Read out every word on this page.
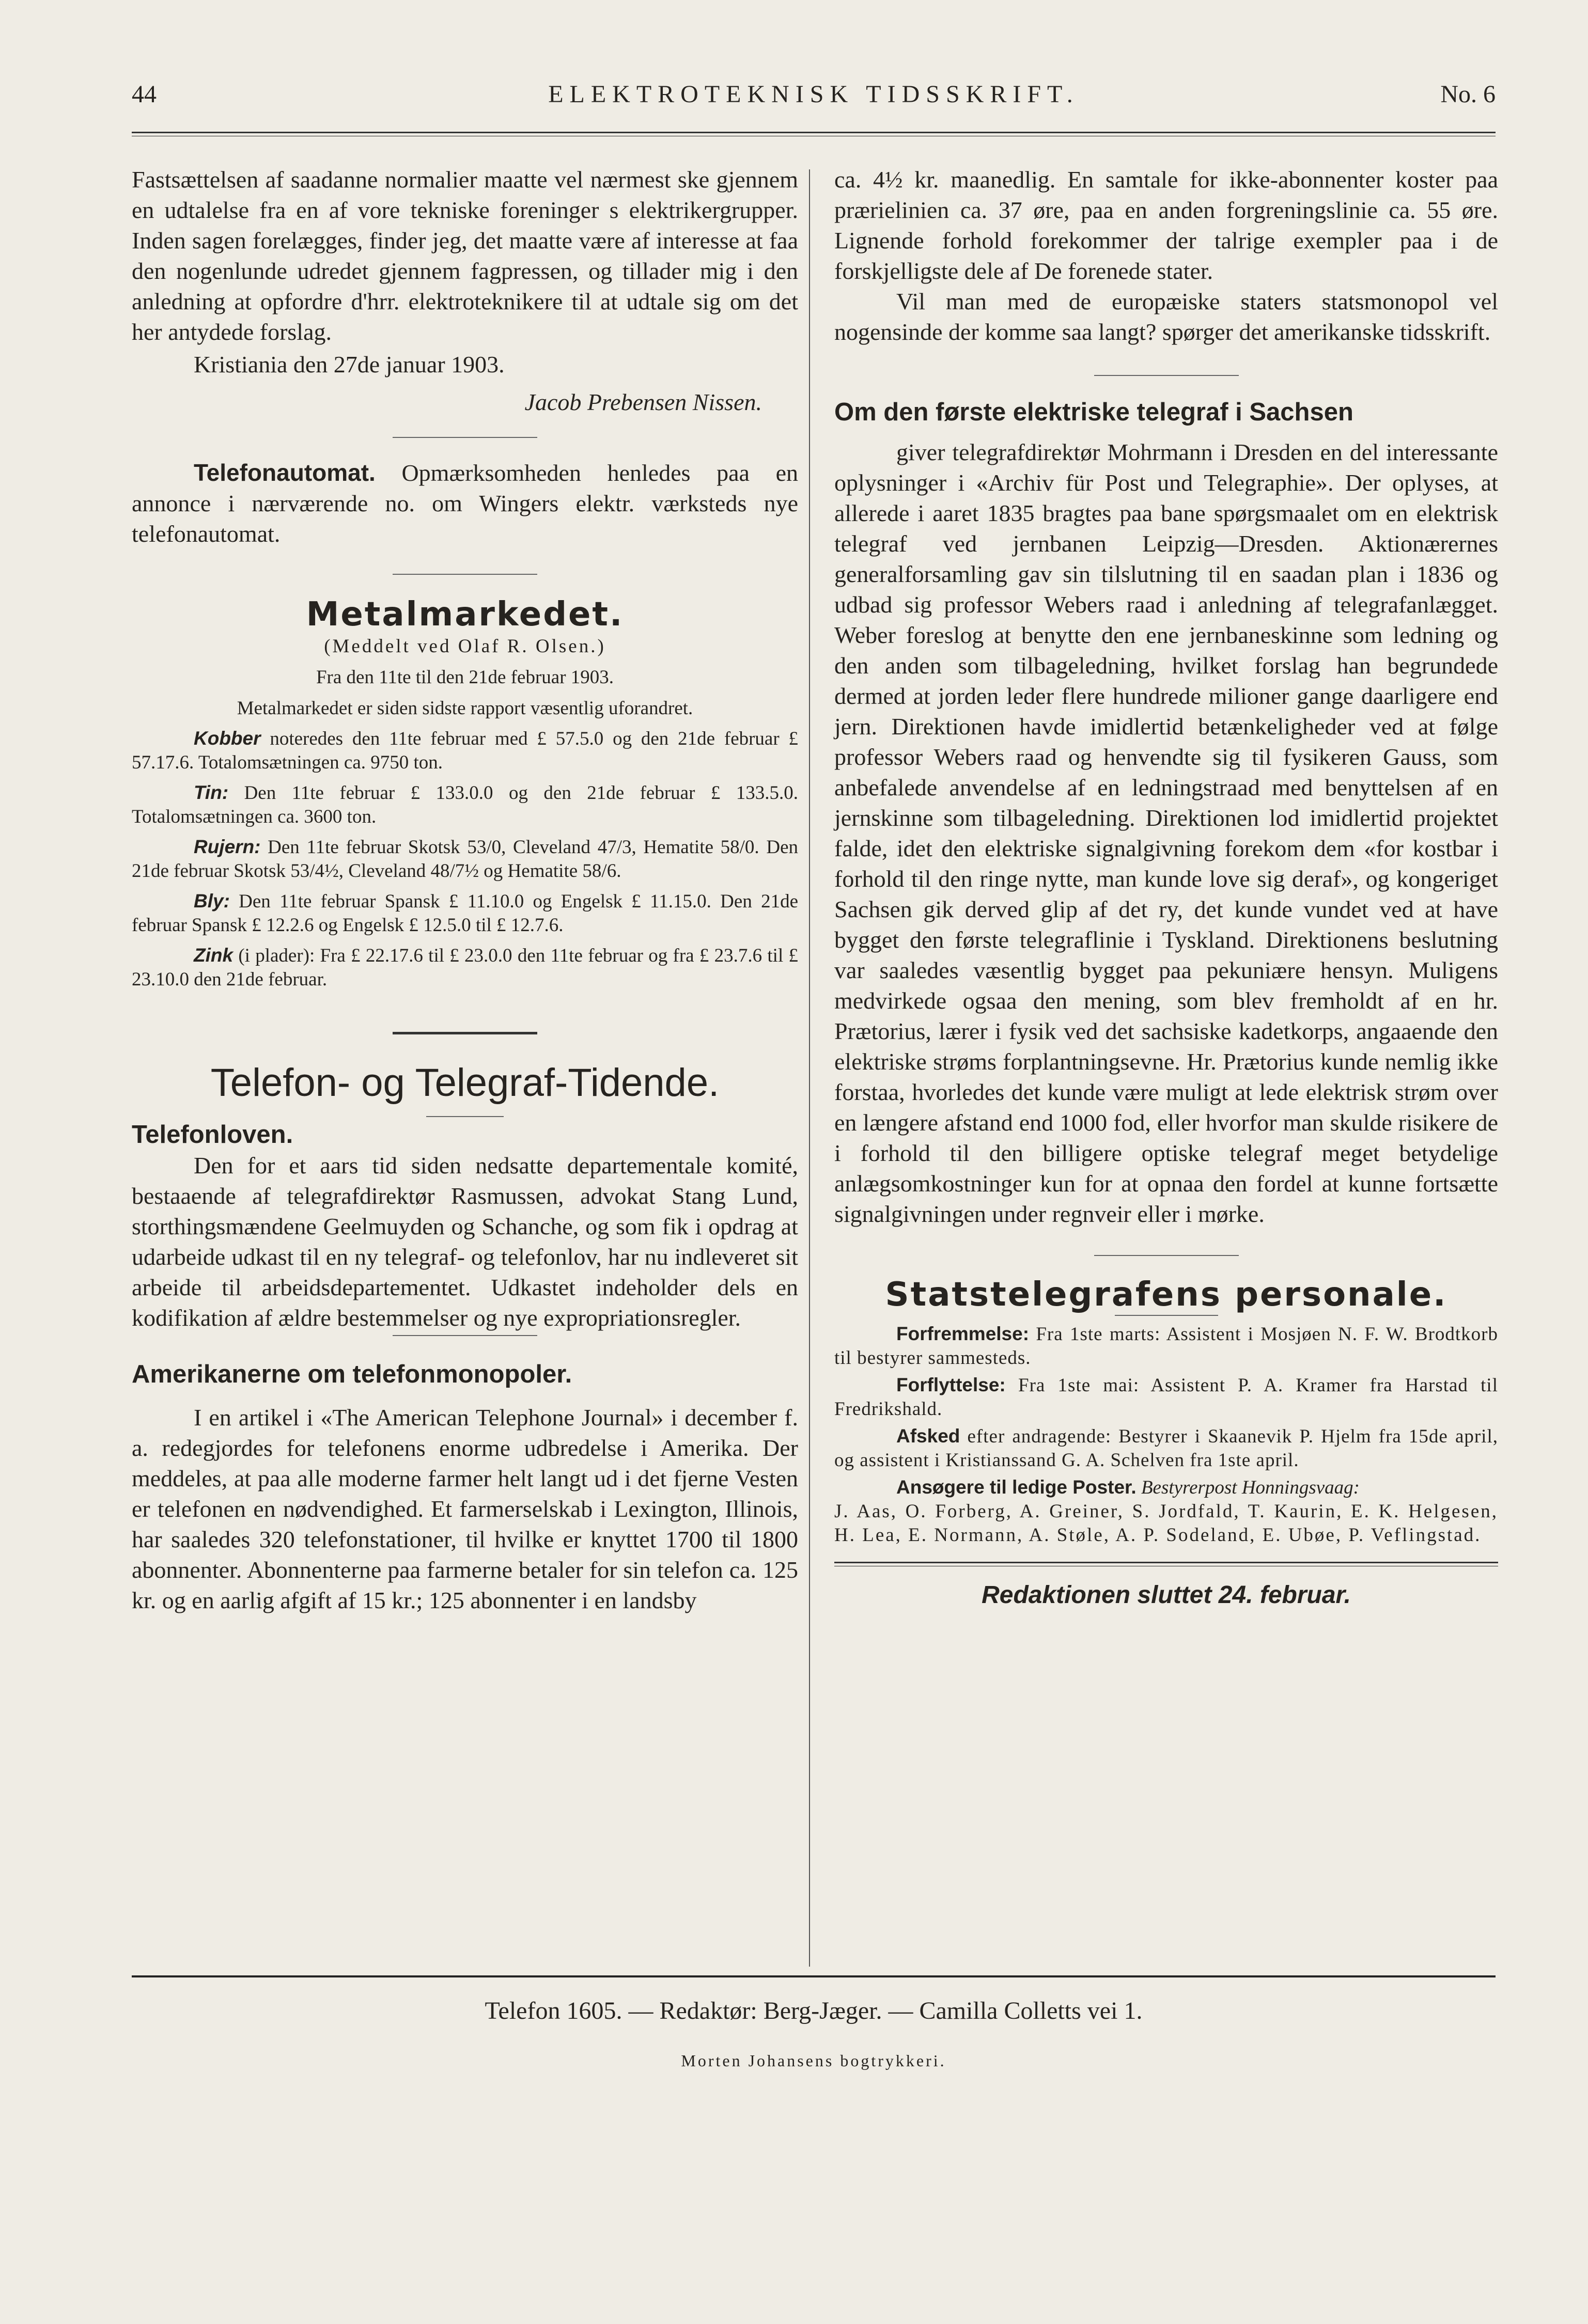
44	ELEKTROTEKNISK TIDSSKRIFT.	No. 6

Fastsættelsen af saadanne normalier maatte vel nærmest ske gjennem en udtalelse fra en af vore tekniske foreninger s elektrikergrupper. Inden sagen forelægges, finder jeg, det maatte være af interesse at faa den nogenlunde udredet gjennem fagpressen, og tillader mig i den anledning at opfordre d'hrr. elektroteknikere til at udtale sig om det her antydede forslag.

Kristiania den 27de januar 1903.

Jacob Prebensen Nissen.

Telefonautomat. Opmærksomheden henledes paa en annonce i nærværende no. om Wingers elektr. værksteds nye telefonautomat.

Metalmarkedet.

(Meddelt ved Olaf R. Olsen.)

Fra den 11te til den 21de februar 1903.

Metalmarkedet er siden sidste rapport væsentlig uforandret.

Kobber noteredes den 11te februar med £ 57.5.0 og den 21de februar £ 57.17.6. Totalomsætningen ca. 9750 ton.

Tin: Den 11te februar £ 133.0.0 og den 21de februar £ 133.5.0. Totalomsætningen ca. 3600 ton.

Rujern: Den 11te februar Skotsk 53/0, Cleveland 47/3, Hematite 58/0. Den 21de februar Skotsk 53/4½, Cleveland 48/7½ og Hematite 58/6.

Bly: Den 11te februar Spansk £ 11.10.0 og Engelsk £ 11.15.0. Den 21de februar Spansk £ 12.2.6 og Engelsk £ 12.5.0 til £ 12.7.6.

Zink (i plader): Fra £ 22.17.6 til £ 23.0.0 den 11te februar og fra £ 23.7.6 til £ 23.10.0 den 21de februar.

Telefon- og Telegraf-Tidende.
Telefonloven.

Den for et aars tid siden nedsatte departementale komité, bestaaende af telegrafdirektør Rasmussen, advokat Stang Lund, storthingsmændene Geelmuyden og Schanche, og som fik i opdrag at udarbeide udkast til en ny telegraf- og telefonlov, har nu indleveret sit arbeide til arbeidsdepartementet. Udkastet indeholder dels en kodifikation af ældre bestemmelser og nye expropriationsregler.

Amerikanerne om telefonmonopoler.

I en artikel i «The American Telephone Journal» i december f. a. redegjordes for telefonens enorme udbredelse i Amerika. Der meddeles, at paa alle moderne farmer helt langt ud i det fjerne Vesten er telefonen en nødvendighed. Et farmerselskab i Lexington, Illinois, har saaledes 320 telefonstationer, til hvilke er knyttet 1700 til 1800 abonnenter. Abonnenterne paa farmerne betaler for sin telefon ca. 125 kr. og en aarlig afgift af 15 kr.; 125 abonnenter i en landsby

ca. 4½ kr. maanedlig. En samtale for ikke-abonnenter koster paa prærielinien ca. 37 øre, paa en anden forgreningslinie ca. 55 øre. Lignende forhold forekommer der talrige exempler paa i de forskjelligste dele af De forenede stater.

Vil man med de europæiske staters statsmonopol vel nogensinde der komme saa langt? spørger det amerikanske tidsskrift.

Om den første elektriske telegraf i Sachsen

giver telegrafdirektør Mohrmann i Dresden en del interessante oplysninger i «Archiv für Post und Telegraphie». Der oplyses, at allerede i aaret 1835 bragtes paa bane spørgsmaalet om en elektrisk telegraf ved jernbanen Leipzig—Dresden. Aktionærernes generalforsamling gav sin tilslutning til en saadan plan i 1836 og udbad sig professor Webers raad i anledning af telegrafanlægget. Weber foreslog at benytte den ene jernbaneskinne som ledning og den anden som tilbageledning, hvilket forslag han begrundede dermed at jorden leder flere hundrede milioner gange daarligere end jern. Direktionen havde imidlertid betænkeligheder ved at følge professor Webers raad og henvendte sig til fysikeren Gauss, som anbefalede anvendelse af en ledningstraad med benyttelsen af en jernskinne som tilbageledning. Direktionen lod imidlertid projektet falde, idet den elektriske signalgivning forekom dem «for kostbar i forhold til den ringe nytte, man kunde love sig deraf», og kongeriget Sachsen gik derved glip af det ry, det kunde vundet ved at have bygget den første telegraflinie i Tyskland. Direktionens beslutning var saaledes væsentlig bygget paa pekuniære hensyn. Muligens medvirkede ogsaa den mening, som blev fremholdt af en hr. Prætorius, lærer i fysik ved det sachsiske kadetkorps, angaaende den elektriske strøms forplantningsevne. Hr. Prætorius kunde nemlig ikke forstaa, hvorledes det kunde være muligt at lede elektrisk strøm over en længere afstand end 1000 fod, eller hvorfor man skulde risikere de i forhold til den billigere optiske telegraf meget betydelige anlægsomkostninger kun for at opnaa den fordel at kunne fortsætte signalgivningen under regnveir eller i mørke.

Statstelegrafens personale.

Forfremmelse: Fra 1ste marts: Assistent i Mosjøen N. F. W. Brodtkorb til bestyrer sammesteds.

Forflyttelse: Fra 1ste mai: Assistent P. A. Kramer fra Harstad til Fredrikshald.

Afsked efter andragende: Bestyrer i Skaanevik P. Hjelm fra 15de april, og assistent i Kristianssand G. A. Schelven fra 1ste april.

Ansøgere til ledige Poster. Bestyrerpost Honningsvaag:

J. Aas, O. Forberg, A. Greiner, S. Jordfald, T. Kaurin, E. K. Helgesen, H. Lea, E. Normann, A. Støle, A. P. Sodeland, E. Ubøe, P. Veflingstad.

Redaktionen sluttet 24. februar.

Telefon 1605. — Redaktør: Berg-Jæger. — Camilla Colletts vei 1.
Morten Johansens bogtrykkeri.
